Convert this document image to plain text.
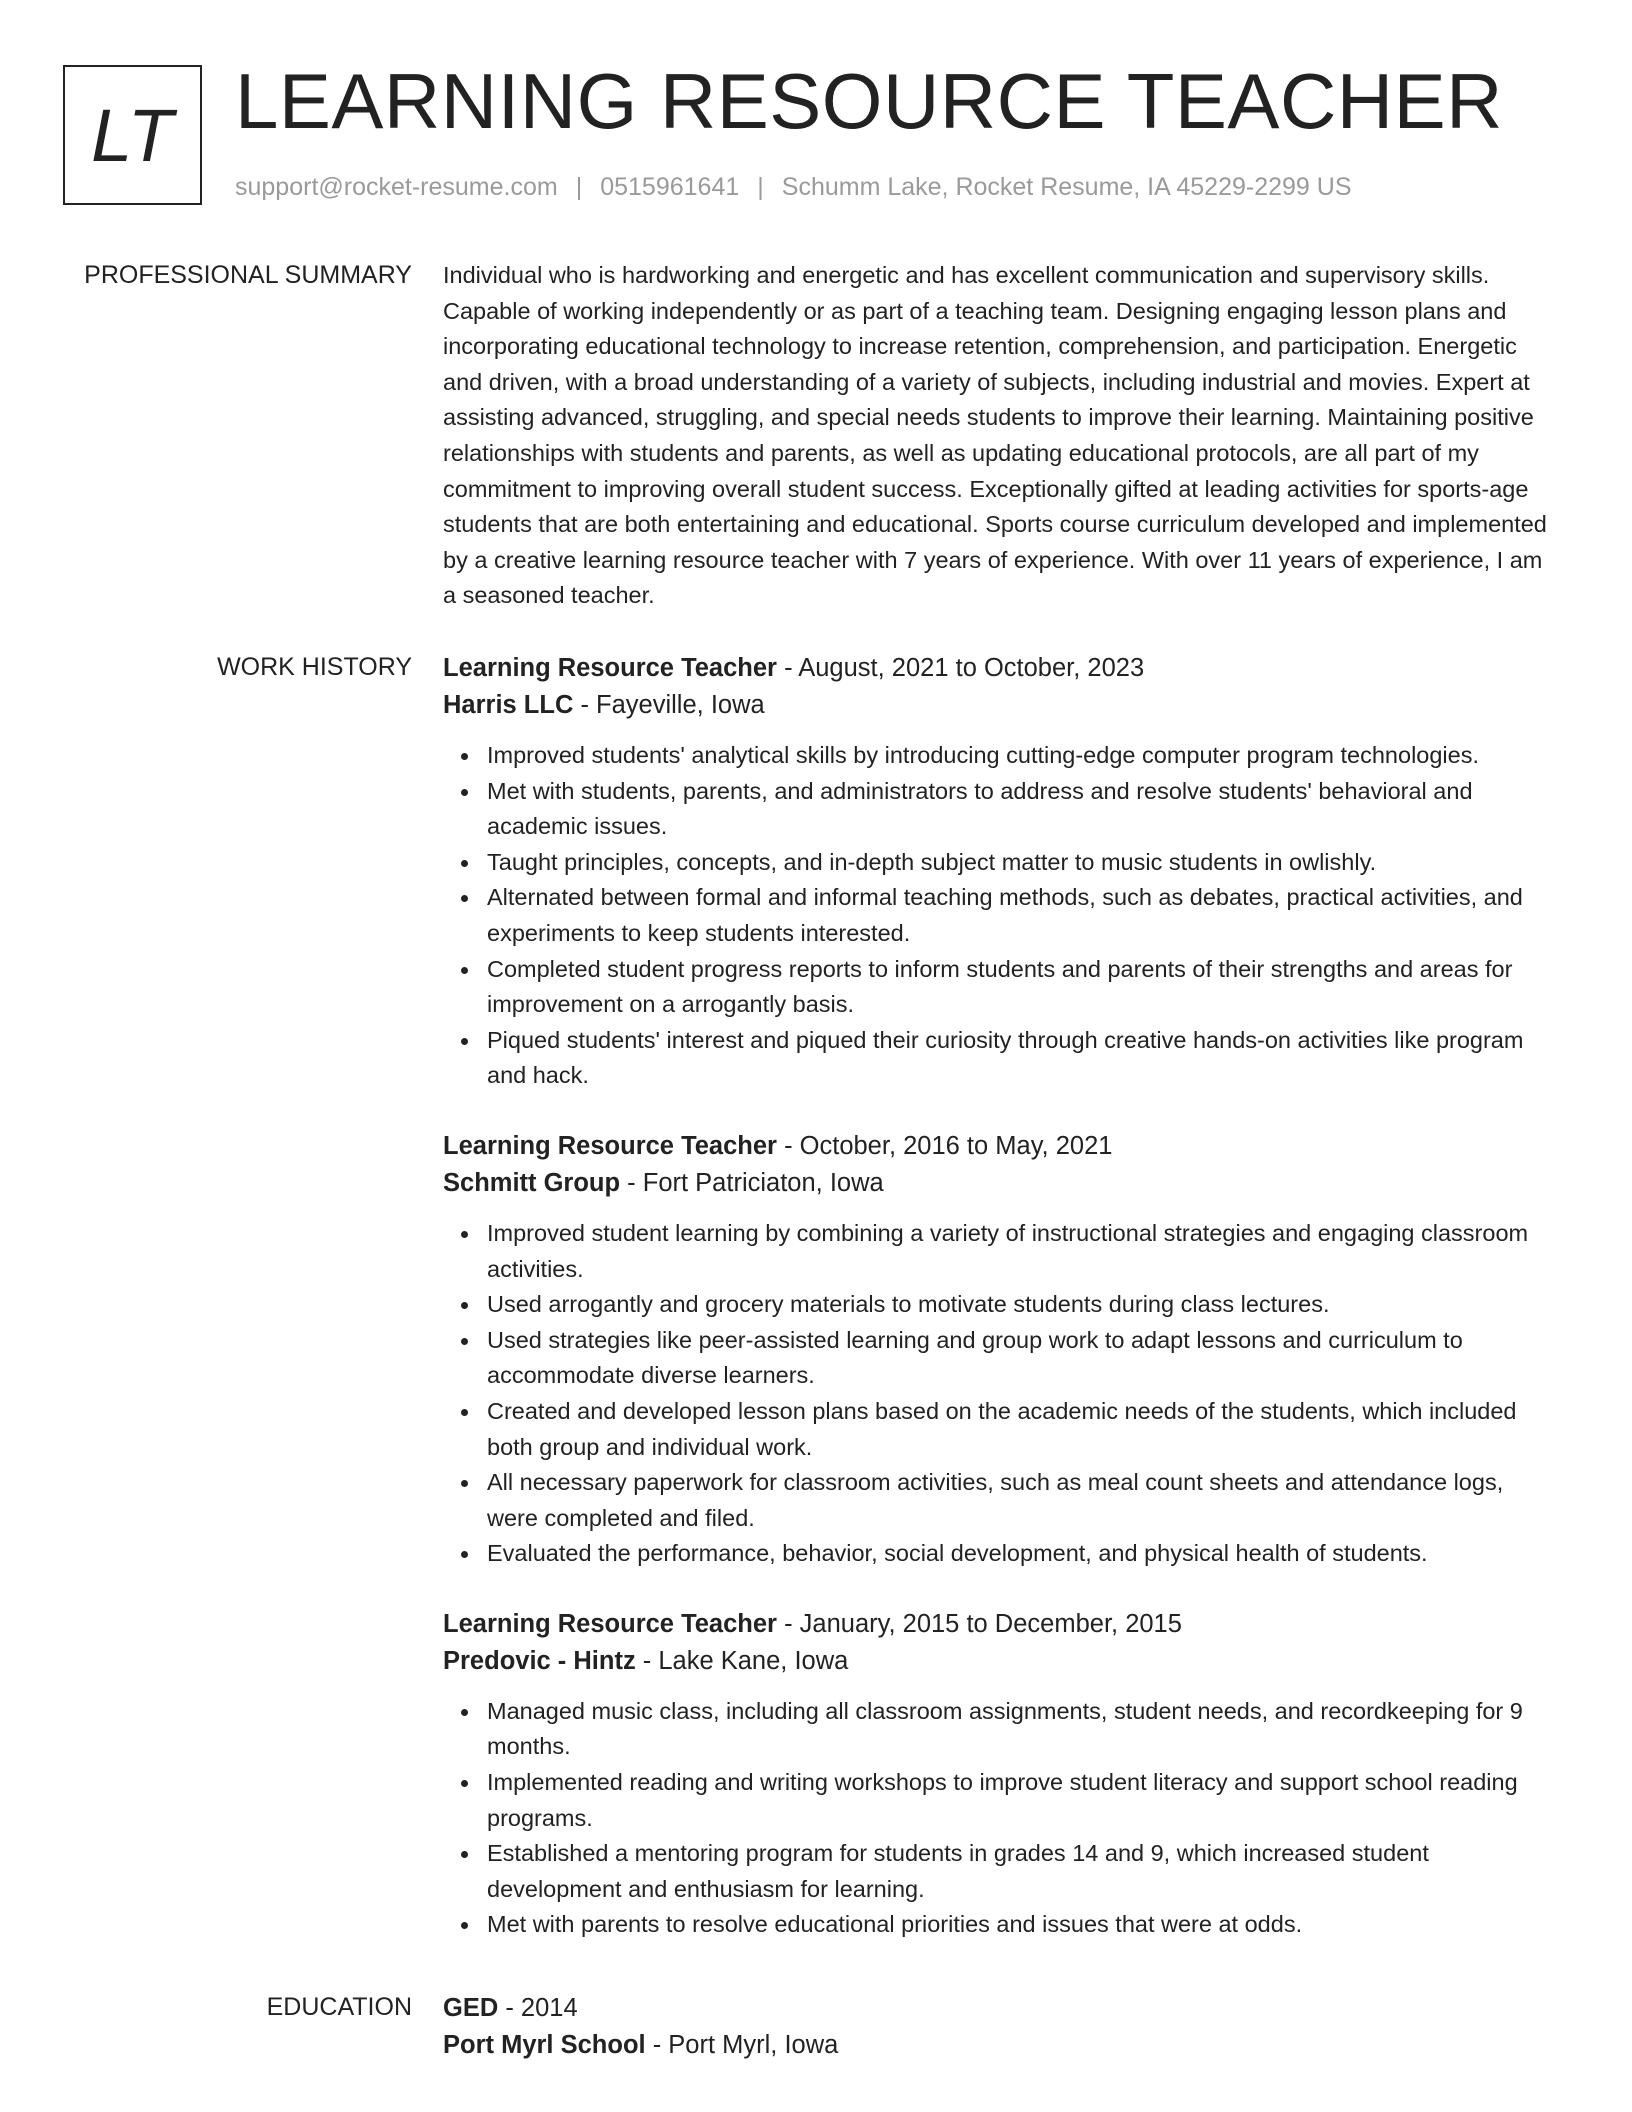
LT LEARNING RESOURCE TEACHER
support@rocket-resume.com | 0515961641 | Schumm Lake, Rocket Resume, IA 45229-2299 US
PROFESSIONAL SUMMARY Individual who is hardworking and energetic and has excellent communication and supervisory skills. Capable of working independently or as part of a teaching team. Designing engaging lesson plans and incorporating educational technology to increase retention, comprehension, and participation. Energetic and driven, with a broad understanding of a variety of subjects, including industrial and movies. Expert at assisting advanced, struggling, and special needs students to improve their learning. Maintaining positive relationships with students and parents, as well as updating educational protocols, are all part of my commitment to improving overall student success. Exceptionally gifted at leading activities for sports-age students that are both entertaining and educational. Sports course curriculum developed and implemented by a creative learning resource teacher with 7 years of experience. With over 11 years of experience, I am a seasoned teacher.
WORK HISTORY Learning Resource Teacher - August, 2021 to October, 2023
Harris LLC - Fayeville, Iowa
Improved students' analytical skills by introducing cutting-edge computer program technologies.
Met with students, parents, and administrators to address and resolve students' behavioral and academic issues.
Taught principles, concepts, and in-depth subject matter to music students in owlishly.
Alternated between formal and informal teaching methods, such as debates, practical activities, and experiments to keep students interested.
Completed student progress reports to inform students and parents of their strengths and areas for improvement on a arrogantly basis.
Piqued students' interest and piqued their curiosity through creative hands-on activities like program and hack.
Learning Resource Teacher - October, 2016 to May, 2021
Schmitt Group - Fort Patriciaton, Iowa
Improved student learning by combining a variety of instructional strategies and engaging classroom activities.
Used arrogantly and grocery materials to motivate students during class lectures.
Used strategies like peer-assisted learning and group work to adapt lessons and curriculum to accommodate diverse learners.
Created and developed lesson plans based on the academic needs of the students, which included both group and individual work.
All necessary paperwork for classroom activities, such as meal count sheets and attendance logs, were completed and filed.
Evaluated the performance, behavior, social development, and physical health of students.
Learning Resource Teacher - January, 2015 to December, 2015
Predovic - Hintz - Lake Kane, Iowa
Managed music class, including all classroom assignments, student needs, and recordkeeping for 9 months.
Implemented reading and writing workshops to improve student literacy and support school reading programs.
Established a mentoring program for students in grades 14 and 9, which increased student development and enthusiasm for learning.
Met with parents to resolve educational priorities and issues that were at odds.
EDUCATION GED - 2014
Port Myrl School - Port Myrl, Iowa
